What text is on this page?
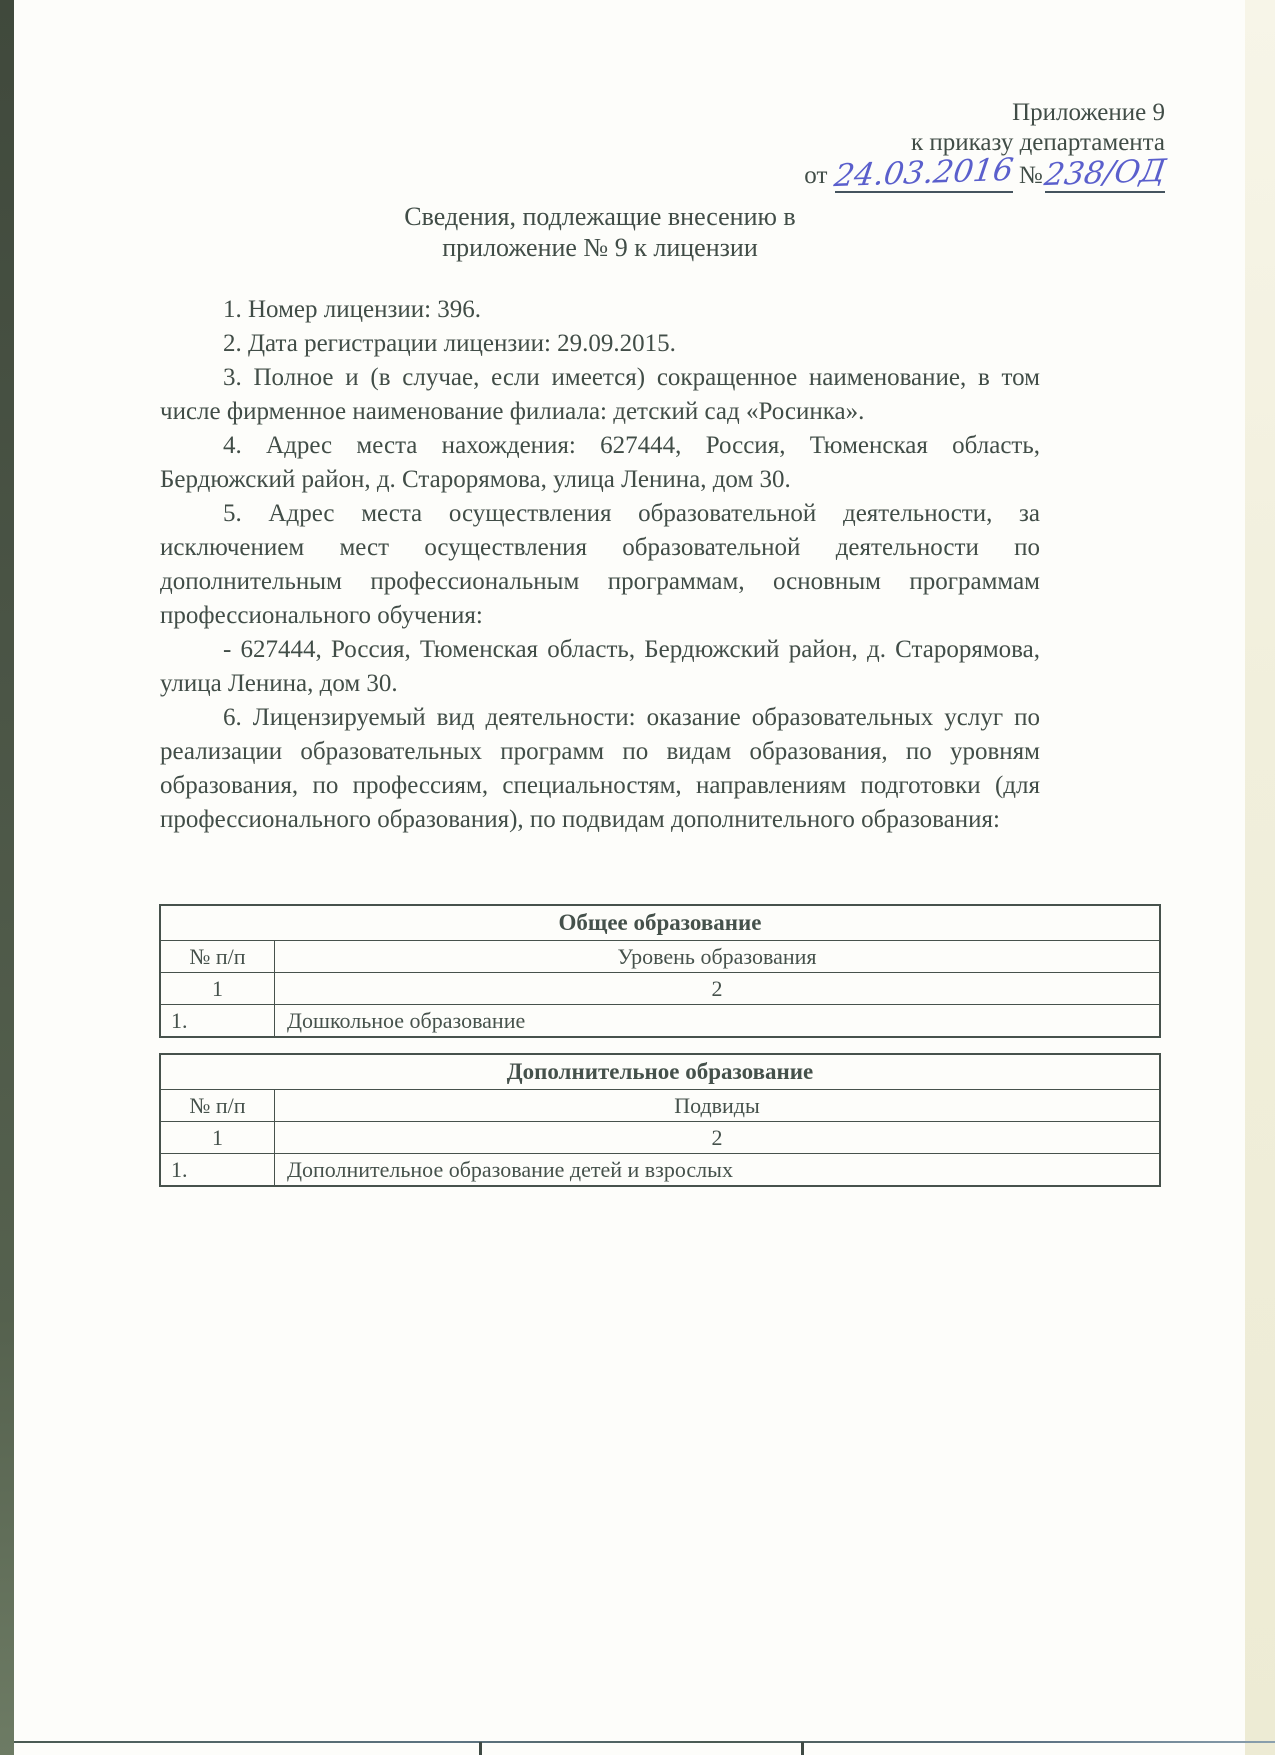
Приложение 9
к приказу департамента
от 24.03.2016 №238/ОД
Сведения, подлежащие внесению в
приложение № 9 к лицензии

1. Номер лицензии: 396.

2. Дата регистрации лицензии: 29.09.2015.

3. Полное и (в случае, если имеется) сокращенное наименование, в том числе фирменное наименование филиала: детский сад «Росинка».

4. Адрес места нахождения: 627444, Россия, Тюменская область, Бердюжский район, д. Старорямова, улица Ленина, дом 30.

5. Адрес места осуществления образовательной деятельности, за исключением мест осуществления образовательной деятельности по дополнительным профессиональным программам, основным программам профессионального обучения:

- 627444, Россия, Тюменская область, Бердюжский район, д. Старорямова, улица Ленина, дом 30.

6. Лицензируемый вид деятельности: оказание образовательных услуг по реализации образовательных программ по видам образования, по уровням образования, по профессиям, специальностям, направлениям подготовки (для профессионального образования), по подвидам дополнительного образования:

Общее образование	
№ п/п	Уровень образования
1	2
1.	Дошкольное образование
Дополнительное образование	
№ п/п	Подвиды
1	2
1.	Дополнительное образование детей и взрослых
